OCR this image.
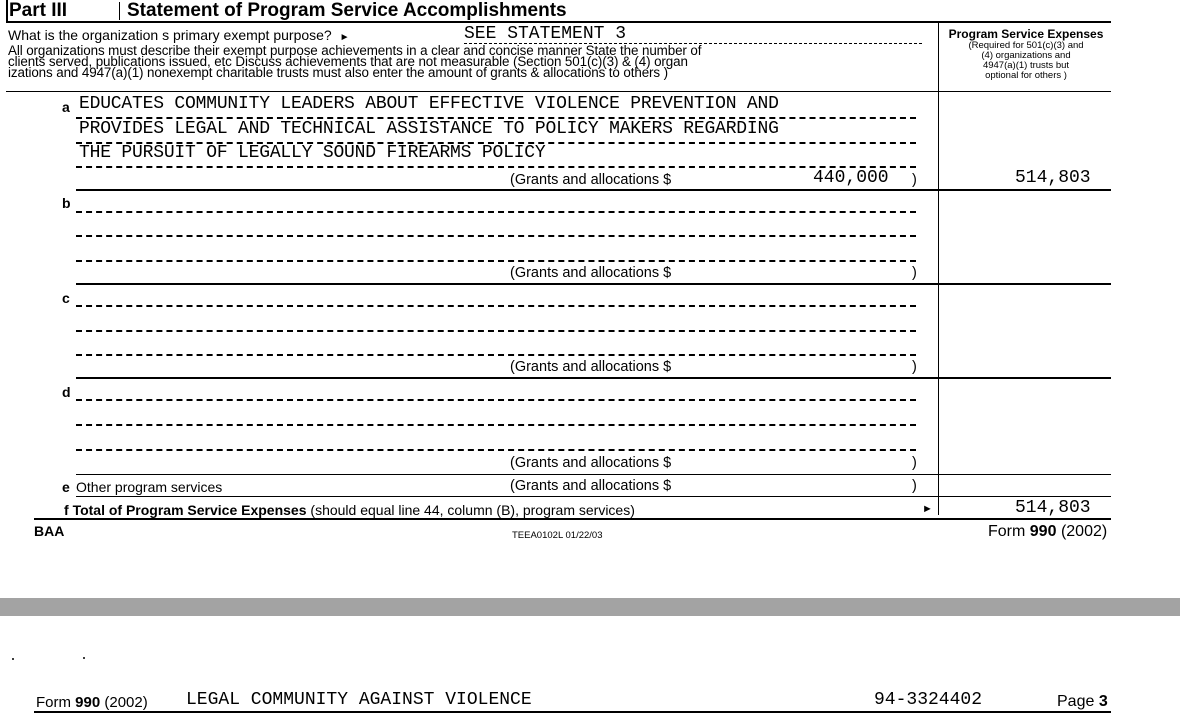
Part III	Statement of Program Service Accomplishments
What is the organization s primary exempt purpose? ►	SEE STATEMENT 3
All organizations must describe their exempt purpose achievements in a clear and concise manner State the number of
clients served, publications issued, etc Discuss achievements that are not measurable (Section 501(c)(3) & (4) organ
izations and 4947(a)(1) nonexempt charitable trusts must also enter the amount of grants & allocations to others )
Program Service Expenses
(Required for 501(c)(3) and
(4) organizations and
4947(a)(1) trusts but
optional for others )
a EDUCATES COMMUNITY LEADERS ABOUT EFFECTIVE VIOLENCE PREVENTION AND
PROVIDES LEGAL AND TECHNICAL ASSISTANCE TO POLICY MAKERS REGARDING
THE PURSUIT OF LEGALLY SOUND FIREARMS POLICY
(Grants and allocations $	440,000 )	514,803
b
(Grants and allocations $	)
c
(Grants and allocations $	)
d
(Grants and allocations $	)
e Other program services	(Grants and allocations $	)
f Total of Program Service Expenses (should equal line 44, column (B), program services)	►	514,803
BAA	TEEA0102L 01/22/03	Form 990 (2002)
Form 990 (2002) LEGAL COMMUNITY AGAINST VIOLENCE	94-3324402	Page 3
